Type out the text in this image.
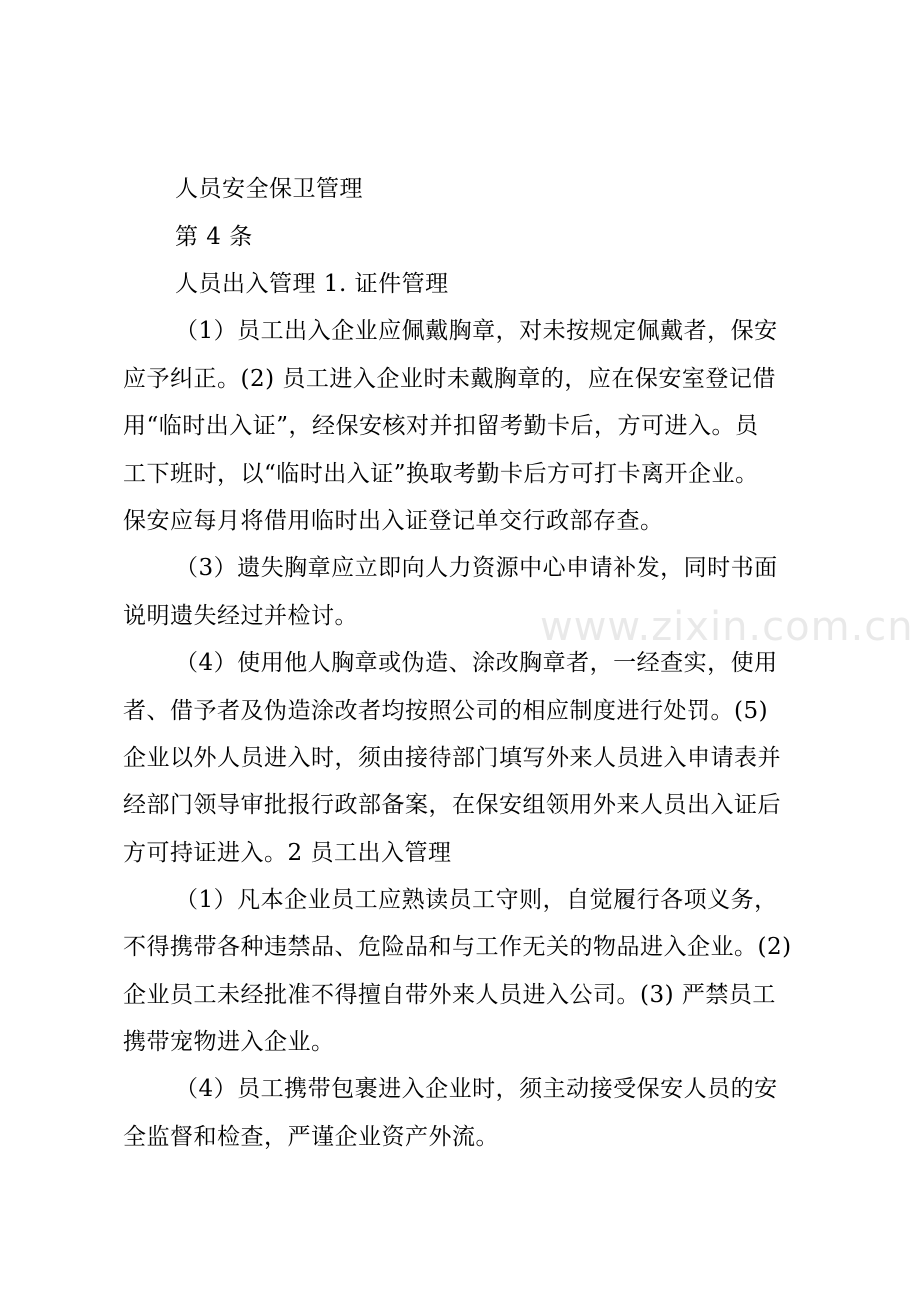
www.zixin.com.cn
人员安全保卫管理
第 4 条
人员出入管理 1. 证件管理
（1）员工出入企业应佩戴胸章，对未按规定佩戴者，保安
应予纠正。(2) 员工进入企业时未戴胸章的，应在保安室登记借
用“临时出入证”，经保安核对并扣留考勤卡后，方可进入。员
工下班时，以“临时出入证”换取考勤卡后方可打卡离开企业。
保安应每月将借用临时出入证登记单交行政部存查。
（3）遗失胸章应立即向人力资源中心申请补发，同时书面
说明遗失经过并检讨。
（4）使用他人胸章或伪造、涂改胸章者，一经查实，使用
者、借予者及伪造涂改者均按照公司的相应制度进行处罚。(5)
企业以外人员进入时，须由接待部门填写外来人员进入申请表并
经部门领导审批报行政部备案，在保安组领用外来人员出入证后
方可持证进入。2 员工出入管理
（1）凡本企业员工应熟读员工守则，自觉履行各项义务，
不得携带各种违禁品、危险品和与工作无关的物品进入企业。(2)
企业员工未经批准不得擅自带外来人员进入公司。(3) 严禁员工
携带宠物进入企业。
（4）员工携带包裹进入企业时，须主动接受保安人员的安
全监督和检查，严谨企业资产外流。
